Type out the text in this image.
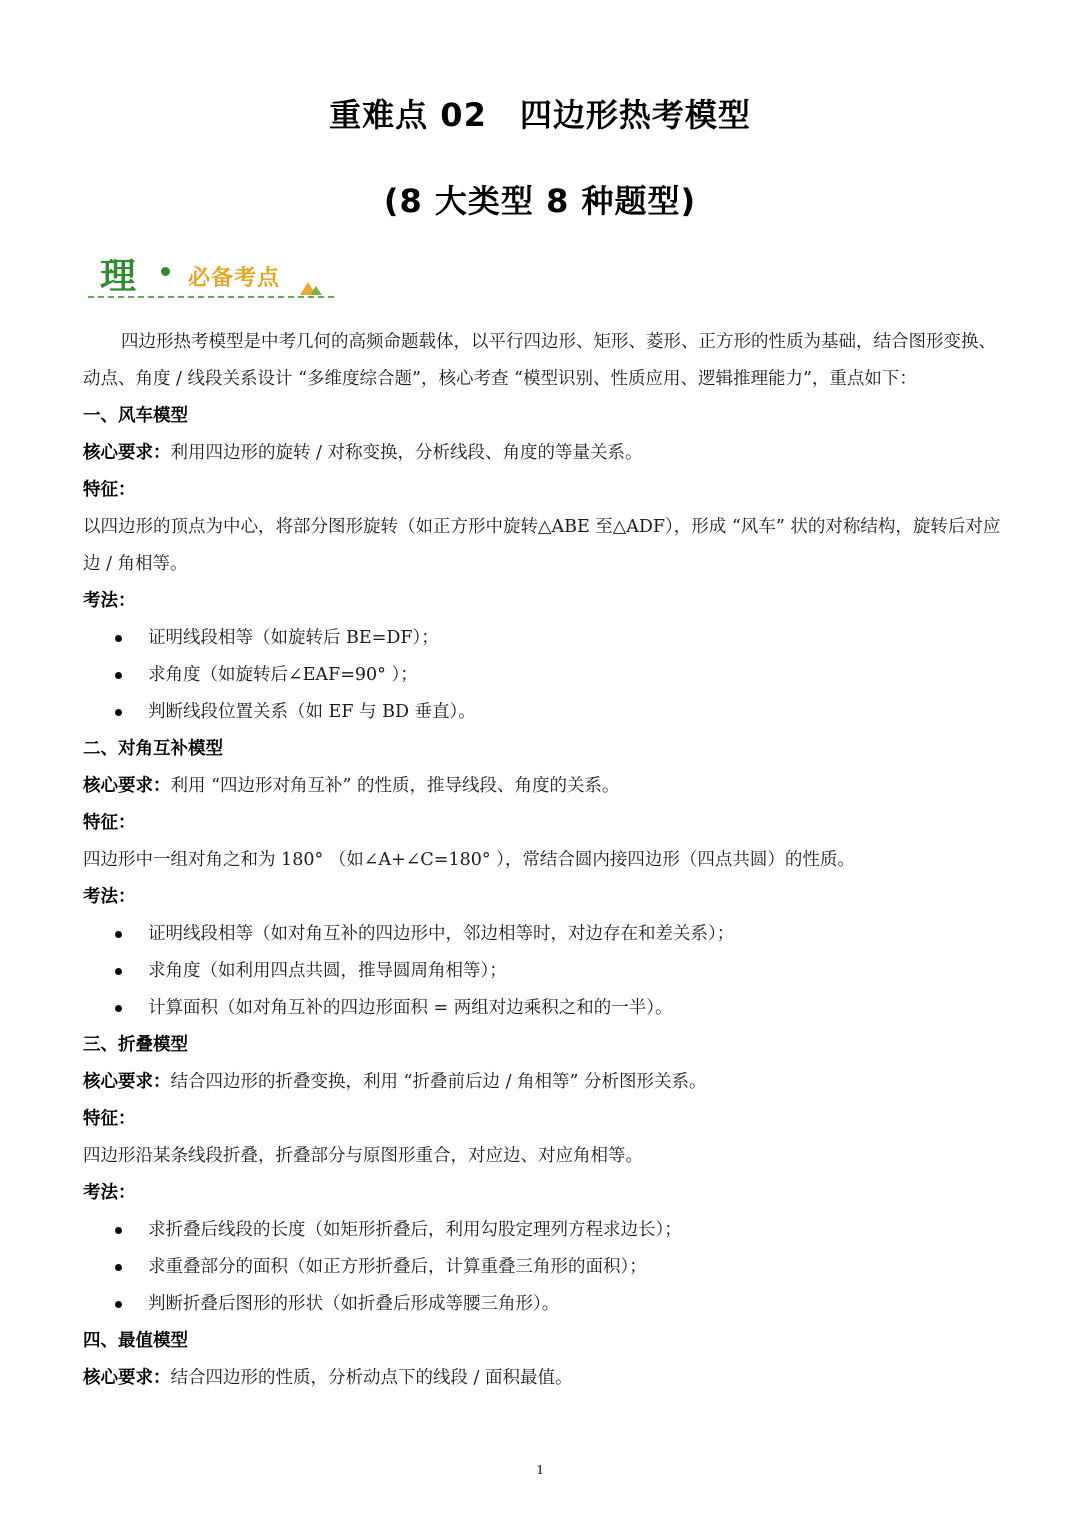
重难点 02　四边形热考模型
(8 大类型 8 种题型)
理 必备考点

四边形热考模型是中考几何的高频命题载体，以平行四边形、矩形、菱形、正方形的性质为基础，结合图形变换、动点、角度 / 线段关系设计 “多维度综合题”，核心考查 “模型识别、性质应用、逻辑推理能力”，重点如下：

一、风车模型

核心要求：利用四边形的旋转 / 对称变换，分析线段、角度的等量关系。

特征：

以四边形的顶点为中心，将部分图形旋转（如正方形中旋转△ABE 至△ADF），形成 “风车” 状的对称结构，旋转后对应边 / 角相等。

考法：

证明线段相等（如旋转后 BE=DF）；
求角度（如旋转后∠EAF=90° ）；
判断线段位置关系（如 EF 与 BD 垂直）。

二、对角互补模型

核心要求：利用 “四边形对角互补” 的性质，推导线段、角度的关系。

特征：

四边形中一组对角之和为 180° （如∠A+∠C=180° ），常结合圆内接四边形（四点共圆）的性质。

考法：

证明线段相等（如对角互补的四边形中，邻边相等时，对边存在和差关系）；
求角度（如利用四点共圆，推导圆周角相等）；
计算面积（如对角互补的四边形面积 = 两组对边乘积之和的一半）。

三、折叠模型

核心要求：结合四边形的折叠变换，利用 “折叠前后边 / 角相等” 分析图形关系。

特征：

四边形沿某条线段折叠，折叠部分与原图形重合，对应边、对应角相等。

考法：

求折叠后线段的长度（如矩形折叠后，利用勾股定理列方程求边长）；
求重叠部分的面积（如正方形折叠后，计算重叠三角形的面积）；
判断折叠后图形的形状（如折叠后形成等腰三角形）。

四、最值模型

核心要求：结合四边形的性质，分析动点下的线段 / 面积最值。

1
